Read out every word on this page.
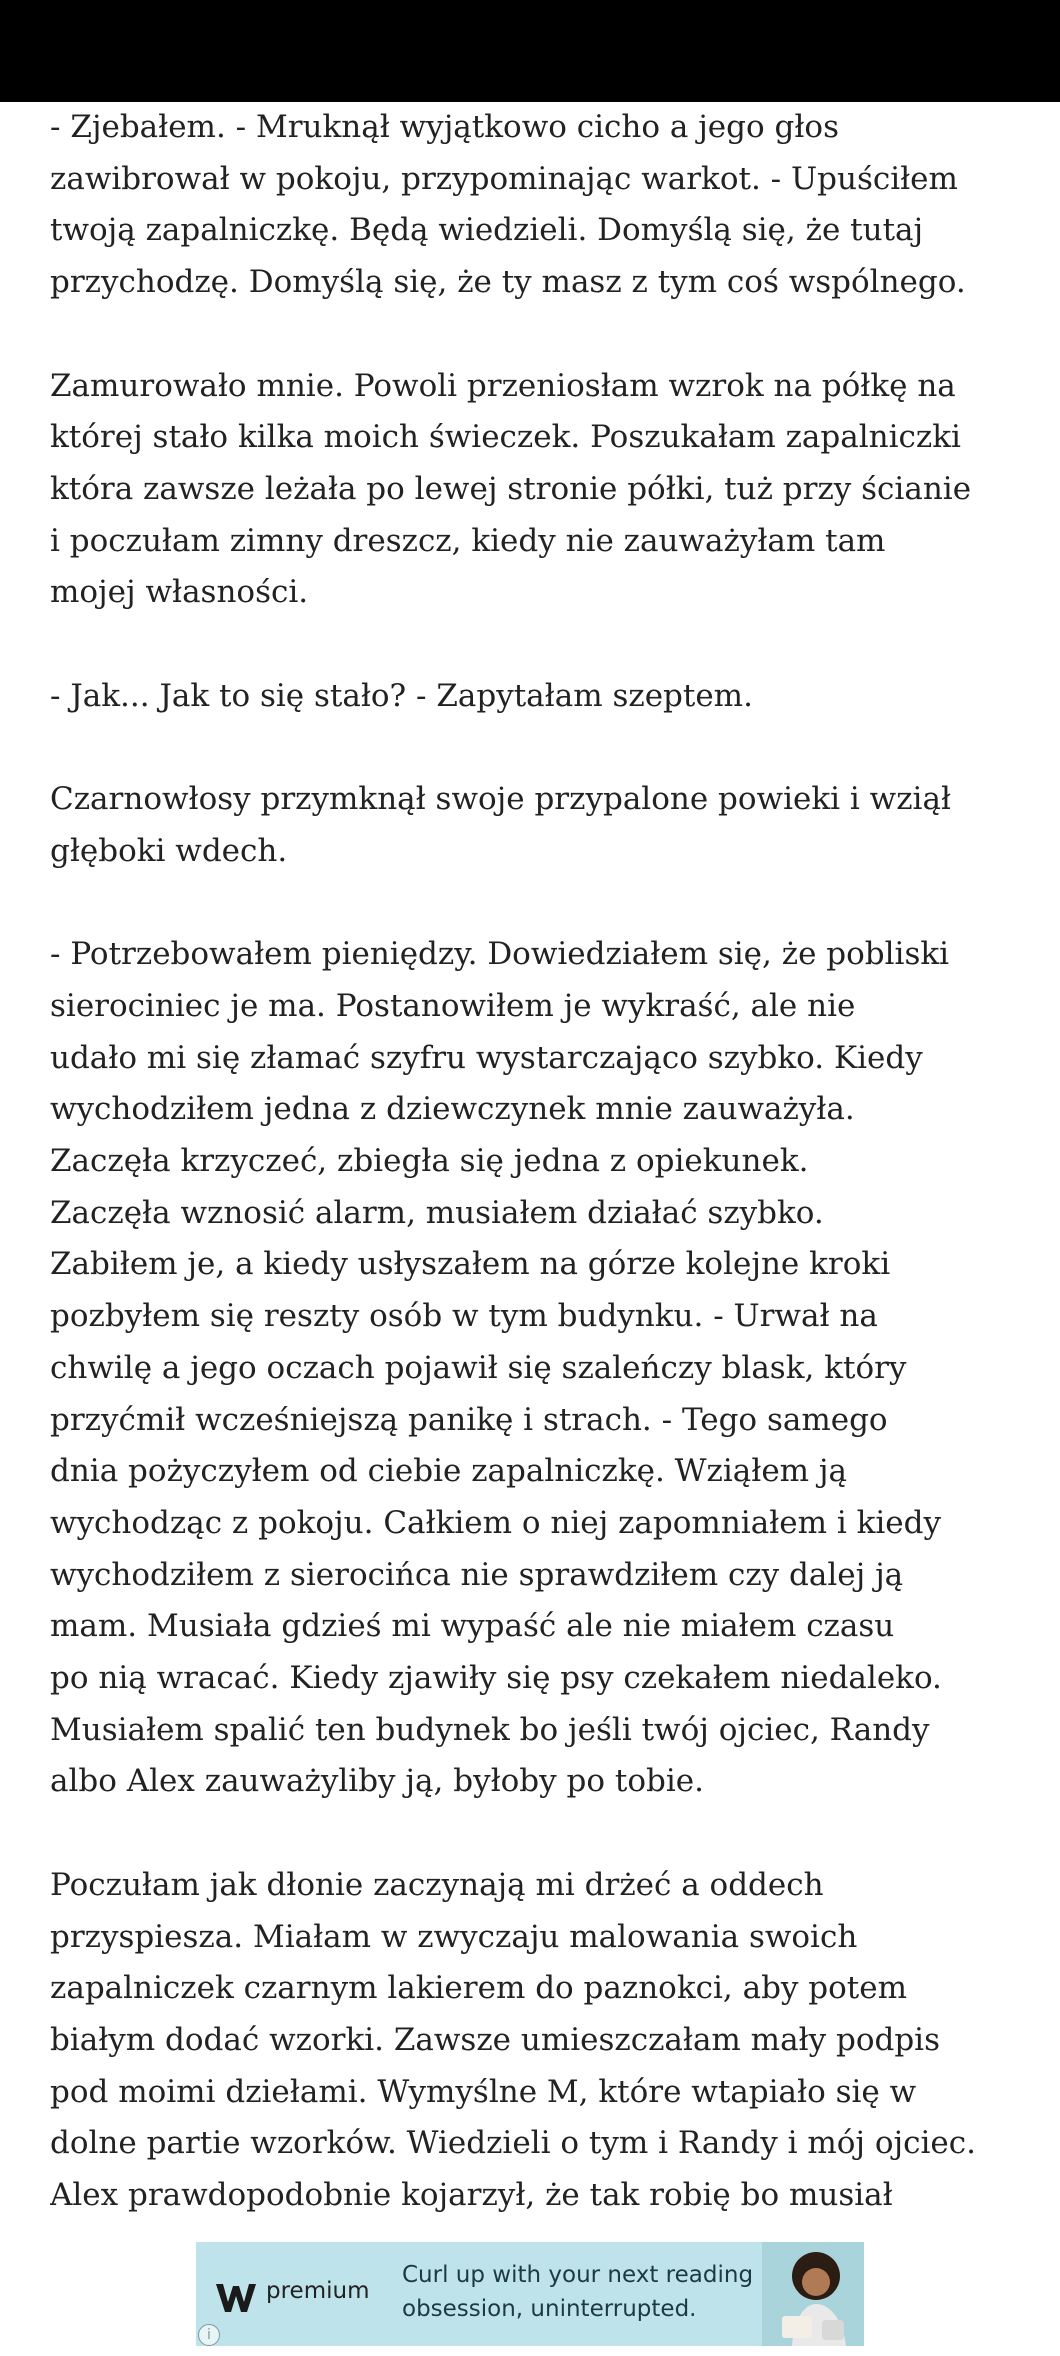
- Zjebałem. - Mruknął wyjątkowo cicho a jego głos
zawibrował w pokoju, przypominając warkot. - Upuściłem
twoją zapalniczkę. Będą wiedzieli. Domyślą się, że tutaj
przychodzę. Domyślą się, że ty masz z tym coś wspólnego.

Zamurowało mnie. Powoli przeniosłam wzrok na półkę na
której stało kilka moich świeczek. Poszukałam zapalniczki
która zawsze leżała po lewej stronie półki, tuż przy ścianie
i poczułam zimny dreszcz, kiedy nie zauważyłam tam
mojej własności.

- Jak... Jak to się stało? - Zapytałam szeptem.

Czarnowłosy przymknął swoje przypalone powieki i wziął
głęboki wdech.

- Potrzebowałem pieniędzy. Dowiedziałem się, że pobliski
sierociniec je ma. Postanowiłem je wykraść, ale nie
udało mi się złamać szyfru wystarczająco szybko. Kiedy
wychodziłem jedna z dziewczynek mnie zauważyła.
Zaczęła krzyczeć, zbiegła się jedna z opiekunek.
Zaczęła wznosić alarm, musiałem działać szybko.
Zabiłem je, a kiedy usłyszałem na górze kolejne kroki
pozbyłem się reszty osób w tym budynku. - Urwał na
chwilę a jego oczach pojawił się szaleńczy blask, który
przyćmił wcześniejszą panikę i strach. - Tego samego
dnia pożyczyłem od ciebie zapalniczkę. Wziąłem ją
wychodząc z pokoju. Całkiem o niej zapomniałem i kiedy
wychodziłem z sierocińca nie sprawdziłem czy dalej ją
mam. Musiała gdzieś mi wypaść ale nie miałem czasu
po nią wracać. Kiedy zjawiły się psy czekałem niedaleko.
Musiałem spalić ten budynek bo jeśli twój ojciec, Randy
albo Alex zauważyliby ją, byłoby po tobie.

Poczułam jak dłonie zaczynają mi drżeć a oddech
przyspiesza. Miałam w zwyczaju malowania swoich
zapalniczek czarnym lakierem do paznokci, aby potem
białym dodać wzorki. Zawsze umieszczałam mały podpis
pod moimi dziełami. Wymyślne M, które wtapiało się w
dolne partie wzorków. Wiedzieli o tym i Randy i mój ojciec.
Alex prawdopodobnie kojarzył, że tak robię bo musiał

premium
Curl up with your next reading
obsession, uninterrupted.
i
